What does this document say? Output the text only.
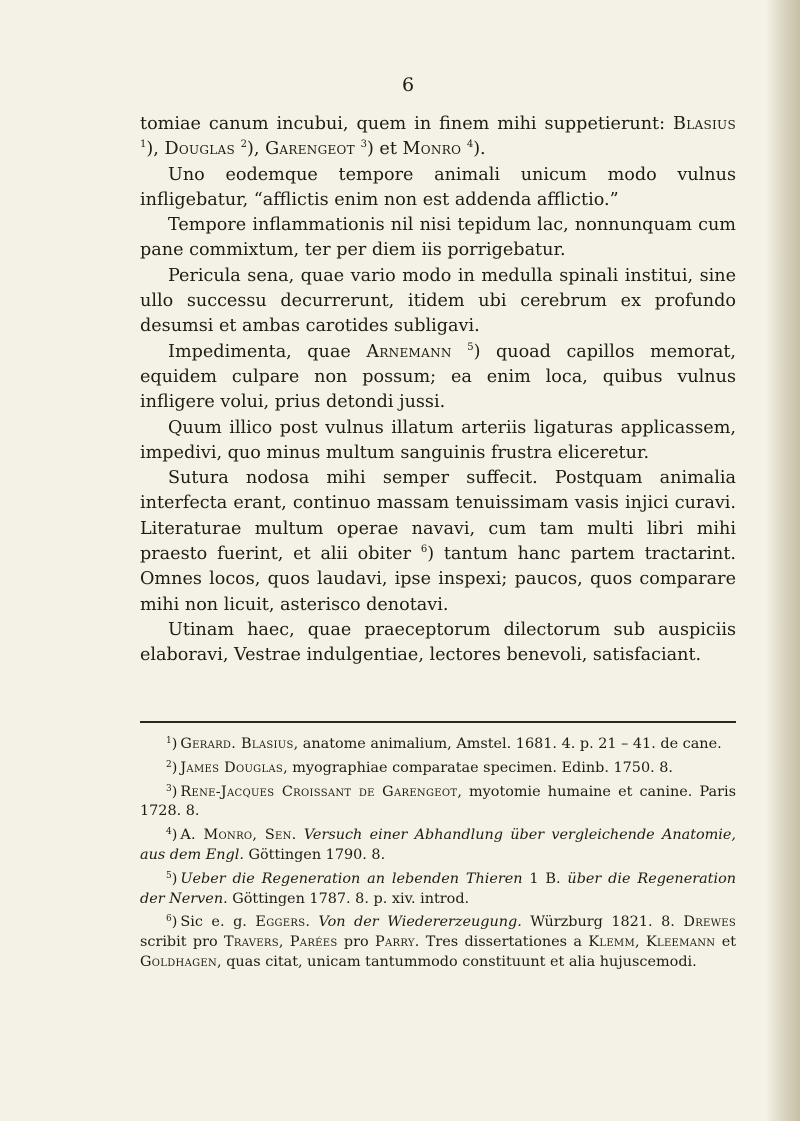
6

tomiae canum incubui, quem in finem mihi suppetierunt: Blasius $^1$), Douglas $^2$), Garengeot $^3$) et Monro $^4$).

Uno eodemque tempore animali unicum modo vulnus infligebatur, “afflictis enim non est addenda afflictio.”

Tempore inflammationis nil nisi tepidum lac, nonnunquam cum pane commixtum, ter per diem iis porrigebatur.

Pericula sena, quae vario modo in medulla spinali institui, sine ullo successu decurrerunt, itidem ubi cerebrum ex profundo desumsi et ambas carotides subligavi.

Impedimenta, quae Arnemann $^5$) quoad capillos memorat, equidem culpare non possum; ea enim loca, quibus vulnus infligere volui, prius detondi jussi.

Quum illico post vulnus illatum arteriis ligaturas applicassem, impedivi, quo minus multum sanguinis frustra eliceretur.

Sutura nodosa mihi semper suffecit. Postquam animalia interfecta erant, continuo massam tenuissimam vasis injici curavi. Literaturae multum operae navavi, cum tam multi libri mihi praesto fuerint, et alii obiter $^6$) tantum hanc partem tractarint. Omnes locos, quos laudavi, ipse inspexi; paucos, quos comparare mihi non licuit, asterisco denotavi.

Utinam haec, quae praeceptorum dilectorum sub auspiciis elaboravi, Vestrae indulgentiae, lectores benevoli, satisfaciant.

$^1$) Gerard. Blasius, anatome animalium, Amstel. 1681. 4. p. 21 – 41. de cane.

$^2$) James Douglas, myographiae comparatae specimen. Edinb. 1750. 8.

$^3$) Rene-Jacques Croissant de Garengeot, myotomie humaine et canine. Paris 1728. 8.

$^4$) A. Monro, Sen. Versuch einer Abhandlung über vergleichende Anatomie, aus dem Engl. Göttingen 1790. 8.

$^5$) Ueber die Regeneration an lebenden Thieren 1 B. über die Regeneration der Nerven. Göttingen 1787. 8. p. xiv. introd.

$^6$) Sic e. g. Eggers. Von der Wiedererzeugung. Würzburg 1821. 8. Drewes scribit pro Travers, Parées pro Parry. Tres dissertationes a Klemm, Kleemann et Goldhagen, quas citat, unicam tantummodo constituunt et alia hujuscemodi.
